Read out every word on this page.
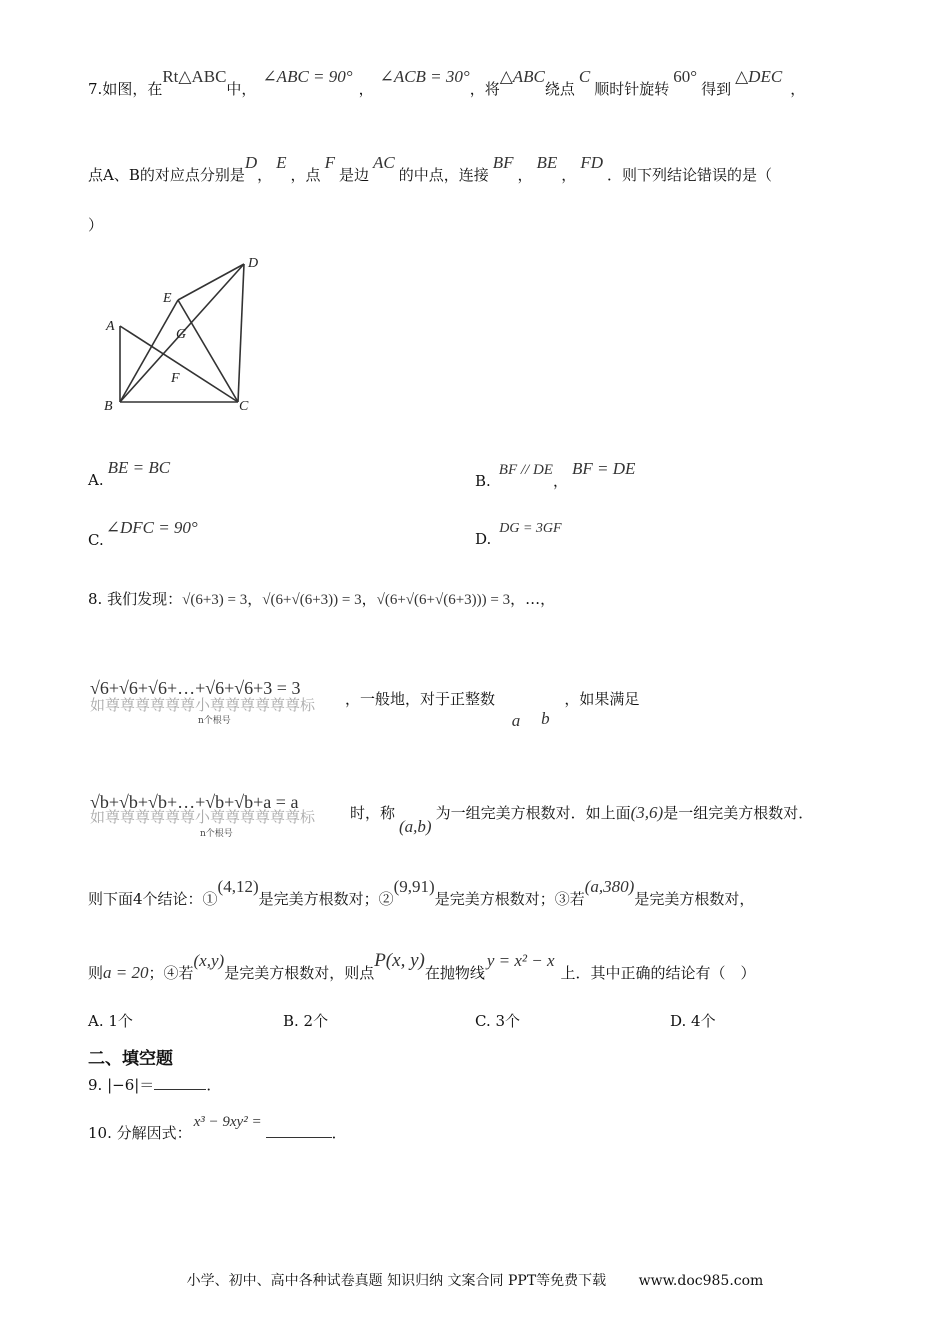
7.如图，在Rt△ABC中，∠ABC = 90°，∠ACB = 30°，将△ABC绕点C顺时针旋转60°得到△DEC，
点A、B的对应点分别是D，E，点F是边AC的中点，连接BF，BE，FD．则下列结论错误的是（
）
A
B	C
D
E
F
G
A.BE = BC
B.BF // DE，BF = DE
C.∠DFC = 90°
D.DG = 3GF
8. 我们发现：√(6+3) = 3，√(6+√(6+3)) = 3，√(6+√(6+√(6+3))) = 3，…，
√6+√6+√6+…+√6+√6+3 = 3
如尊尊尊尊尊尊小尊尊尊尊尊尊标
n个根号
，一般地，对于正整数 a b ，如果满足
√b+√b+√b+…+√b+√b+a = a
如尊尊尊尊尊尊小尊尊尊尊尊尊标
n个根号
时，称(a,b)为一组完美方根数对．如上面(3,6)是一组完美方根数对．
则下面4个结论：①(4,12)是完美方根数对；②(9,91)是完美方根数对；③若(a,380)是完美方根数对，
则a = 20；④若(x,y)是完美方根数对，则点P(x, y)在抛物线y = x² − x上．其中正确的结论有（　）
A. 1个	B. 2个	C. 3个	D. 4个
二、填空题
9. |−6|＝	．
10. 分解因式：x³ − 9xy² =．
小学、初中、高中各种试卷真题 知识归纳 文案合同 PPT等免费下载 www.doc985.com
